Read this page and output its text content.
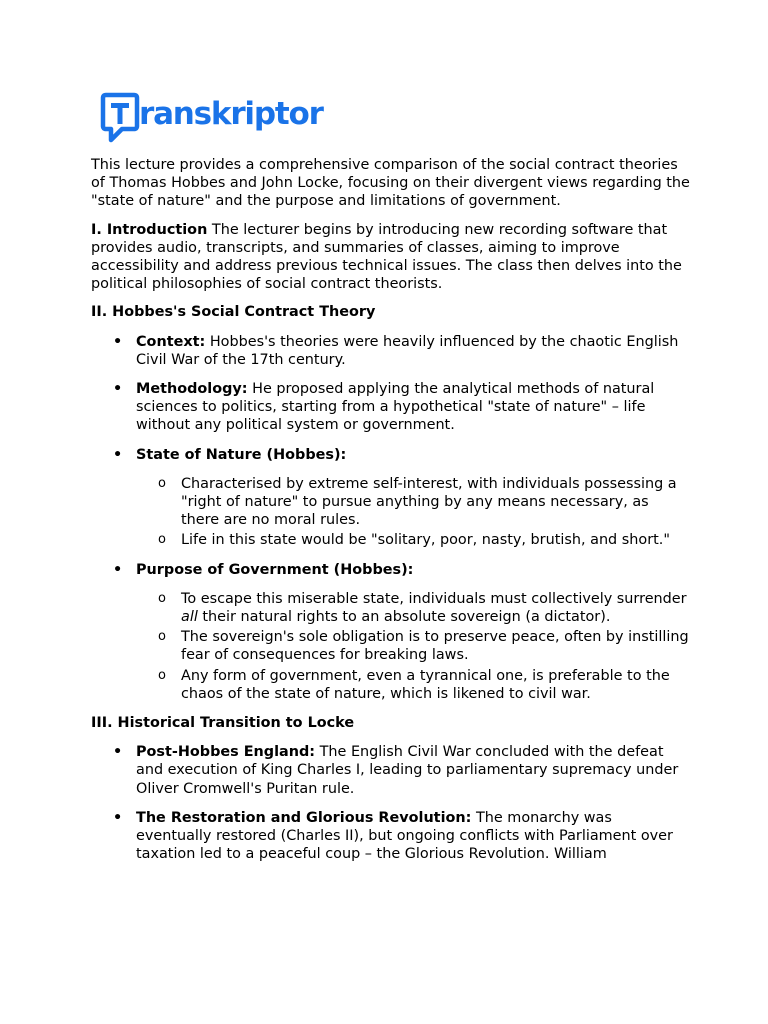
ranskriptor

This lecture provides a comprehensive comparison of the social contract theories of Thomas Hobbes and John Locke, focusing on their divergent views regarding the "state of nature" and the purpose and limitations of government.

I. Introduction The lecturer begins by introducing new recording software that provides audio, transcripts, and summaries of classes, aiming to improve accessibility and address previous technical issues. The class then delves into the political philosophies of social contract theorists.

II. Hobbes's Social Contract Theory
• Context: Hobbes's theories were heavily influenced by the chaotic English Civil War of the 17th century.
• Methodology: He proposed applying the analytical methods of natural sciences to politics, starting from a hypothetical "state of nature" – life without any political system or government.
• State of Nature (Hobbes):
o Characterised by extreme self-interest, with individuals possessing a "right of nature" to pursue anything by any means necessary, as there are no moral rules.
o Life in this state would be "solitary, poor, nasty, brutish, and short."
• Purpose of Government (Hobbes):
o To escape this miserable state, individuals must collectively surrender all their natural rights to an absolute sovereign (a dictator).
o The sovereign's sole obligation is to preserve peace, often by instilling fear of consequences for breaking laws.
o Any form of government, even a tyrannical one, is preferable to the chaos of the state of nature, which is likened to civil war.
III. Historical Transition to Locke
• Post-Hobbes England: The English Civil War concluded with the defeat and execution of King Charles I, leading to parliamentary supremacy under Oliver Cromwell's Puritan rule.
• The Restoration and Glorious Revolution: The monarchy was eventually restored (Charles II), but ongoing conflicts with Parliament over taxation led to a peaceful coup – the Glorious Revolution. William
